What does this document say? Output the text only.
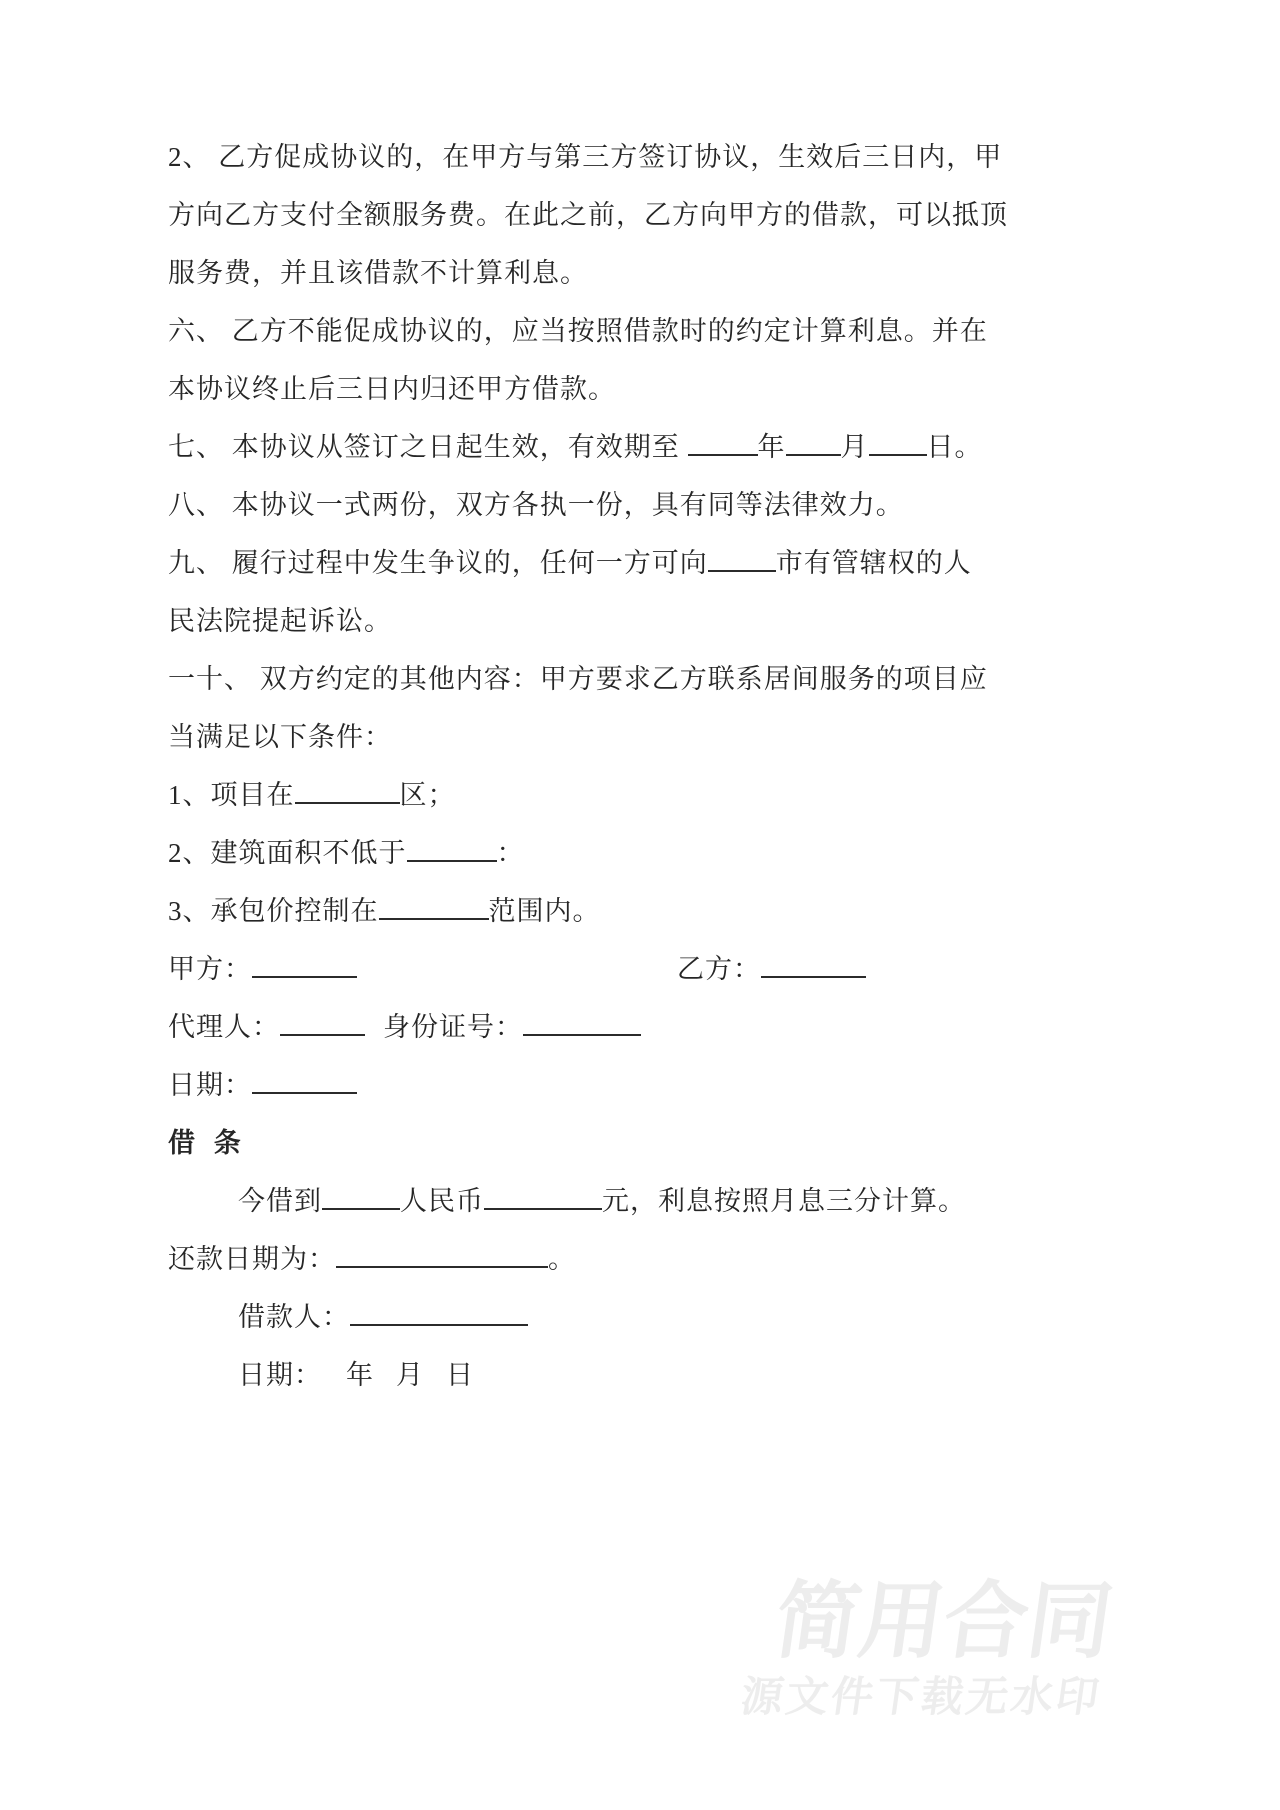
2、 乙方促成协议的，在甲方与第三方签订协议，生效后三日内，甲
方向乙方支付全额服务费。在此之前，乙方向甲方的借款，可以抵顶
服务费，并且该借款不计算利息。
六、 乙方不能促成协议的，应当按照借款时的约定计算利息。并在
本协议终止后三日内归还甲方借款。
七、 本协议从签订之日起生效，有效期至	年 月 日。
八、 本协议一式两份，双方各执一份，具有同等法律效力。
九、 履行过程中发生争议的，任何一方可向	市有管辖权的人
民法院提起诉讼。
一十、 双方约定的其他内容：甲方要求乙方联系居间服务的项目应
当满足以下条件：
1、项目在	区；
2、建筑面积不低于	：
3、承包价控制在	范围内。
甲方：	乙方：
代理人：	身份证号：
日期：
借 条
今借到	人民币	元，利息按照月息三分计算。
还款日期为：	。
借款人：
日期： 年 月 日
简用合同
源文件下载无水印
